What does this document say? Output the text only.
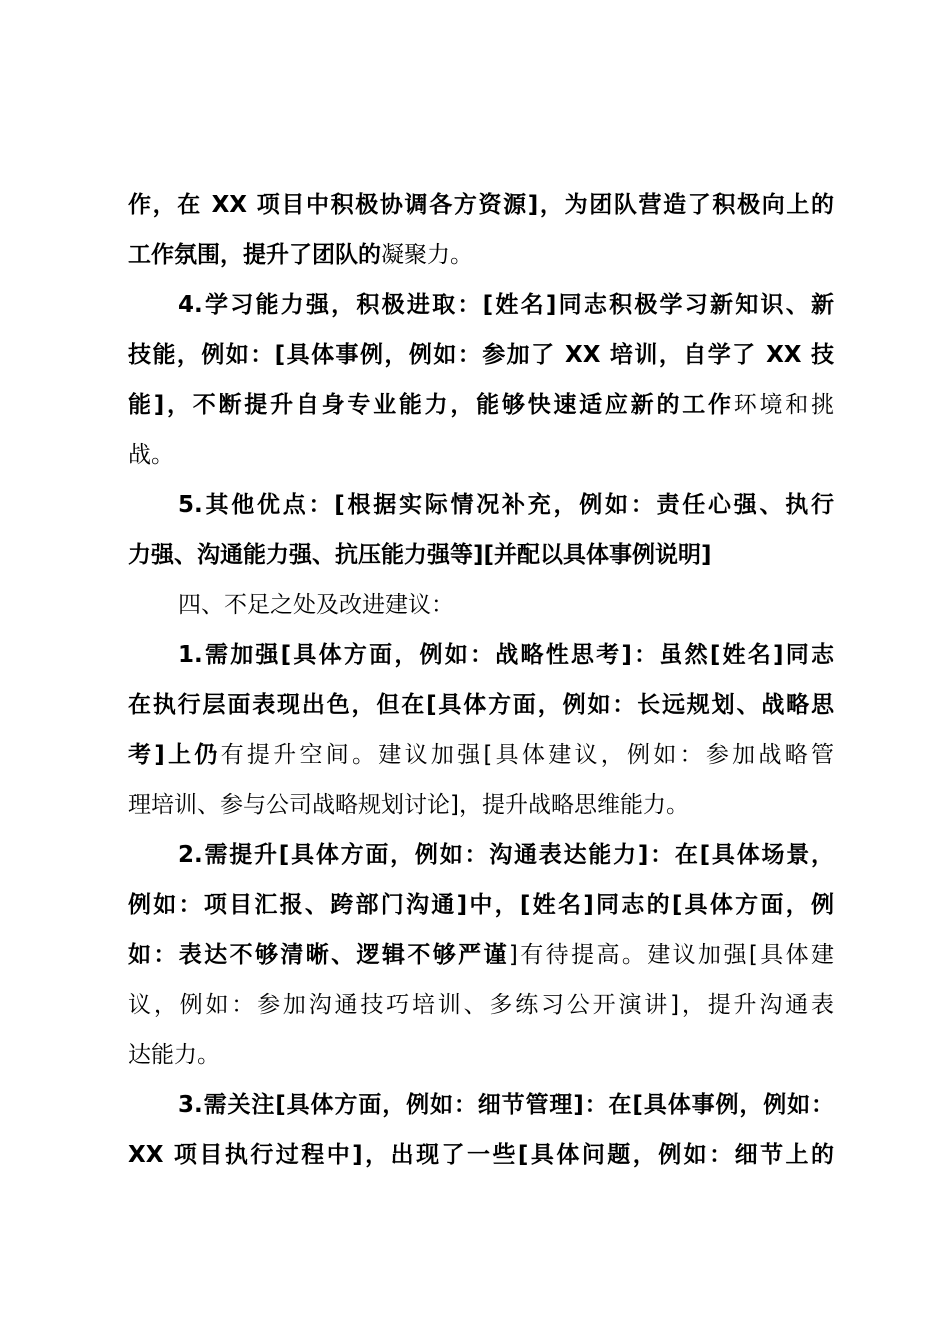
作，在 XX 项目中积极协调各方资源]，为团队营造了积极向上的
工作氛围，提升了团队的凝聚力。
4.学习能力强，积极进取：[姓名]同志积极学习新知识、新
技能，例如：[具体事例，例如：参加了 XX 培训，自学了 XX 技
能]，不断提升自身专业能力，能够快速适应新的工作环境和挑
战。
5.其他优点：[根据实际情况补充，例如：责任心强、执行
力强、沟通能力强、抗压能力强等][并配以具体事例说明]
四、不足之处及改进建议：
1.需加强[具体方面，例如：战略性思考]：虽然[姓名]同志
在执行层面表现出色，但在[具体方面，例如：长远规划、战略思
考]上仍有提升空间。建议加强[具体建议，例如：参加战略管
理培训、参与公司战略规划讨论]，提升战略思维能力。
2.需提升[具体方面，例如：沟通表达能力]：在[具体场景，
例如：项目汇报、跨部门沟通]中，[姓名]同志的[具体方面，例
如：表达不够清晰、逻辑不够严谨]有待提高。建议加强[具体建
议，例如：参加沟通技巧培训、多练习公开演讲]，提升沟通表
达能力。
3.需关注[具体方面，例如：细节管理]：在[具体事例，例如：
XX 项目执行过程中]，出现了一些[具体问题，例如：细节上的
